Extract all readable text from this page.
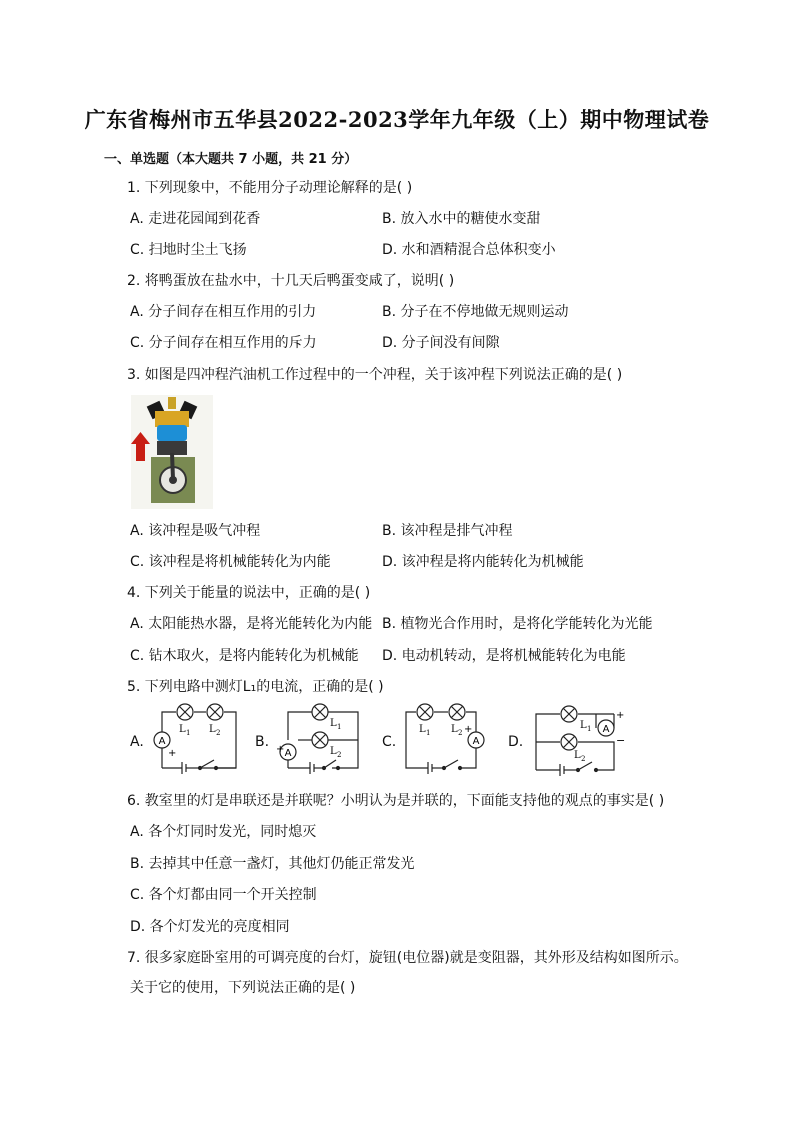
广东省梅州市五华县2022-2023学年九年级（上）期中物理试卷
一、单选题（本大题共 7 小题，共 21 分）
1. 下列现象中，不能用分子动理论解释的是( )
A. 走进花园闻到花香	B. 放入水中的糖使水变甜
C. 扫地时尘土飞扬	D. 水和酒精混合总体积变小
2. 将鸭蛋放在盐水中，十几天后鸭蛋变咸了，说明( )
A. 分子间存在相互作用的引力	B. 分子在不停地做无规则运动
C. 分子间存在相互作用的斥力	D. 分子间没有间隙
3. 如图是四冲程汽油机工作过程中的一个冲程，关于该冲程下列说法正确的是( )
A. 该冲程是吸气冲程	B. 该冲程是排气冲程
C. 该冲程是将机械能转化为内能	D. 该冲程是将内能转化为机械能
4. 下列关于能量的说法中，正确的是( )
A. 太阳能热水器，是将光能转化为内能 B. 植物光合作用时，是将化学能转化为光能
C. 钻木取火，是将内能转化为机械能 D. 电动机转动，是将机械能转化为电能
5. 下列电路中测灯L₁的电流，正确的是( )
A.	B.	C.	D.
A
L 1 L 2
+	A
L 1
L 2
+
A
L 1 L 2 +	A
L 1
L 2
+
−
6. 教室里的灯是串联还是并联呢？小明认为是并联的，下面能支持他的观点的事实是( )
A. 各个灯同时发光，同时熄灭
B. 去掉其中任意一盏灯，其他灯仍能正常发光
C. 各个灯都由同一个开关控制
D. 各个灯发光的亮度相同
7. 很多家庭卧室用的可调亮度的台灯，旋钮(电位器)就是变阻器，其外形及结构如图所示。
关于它的使用，下列说法正确的是( )
